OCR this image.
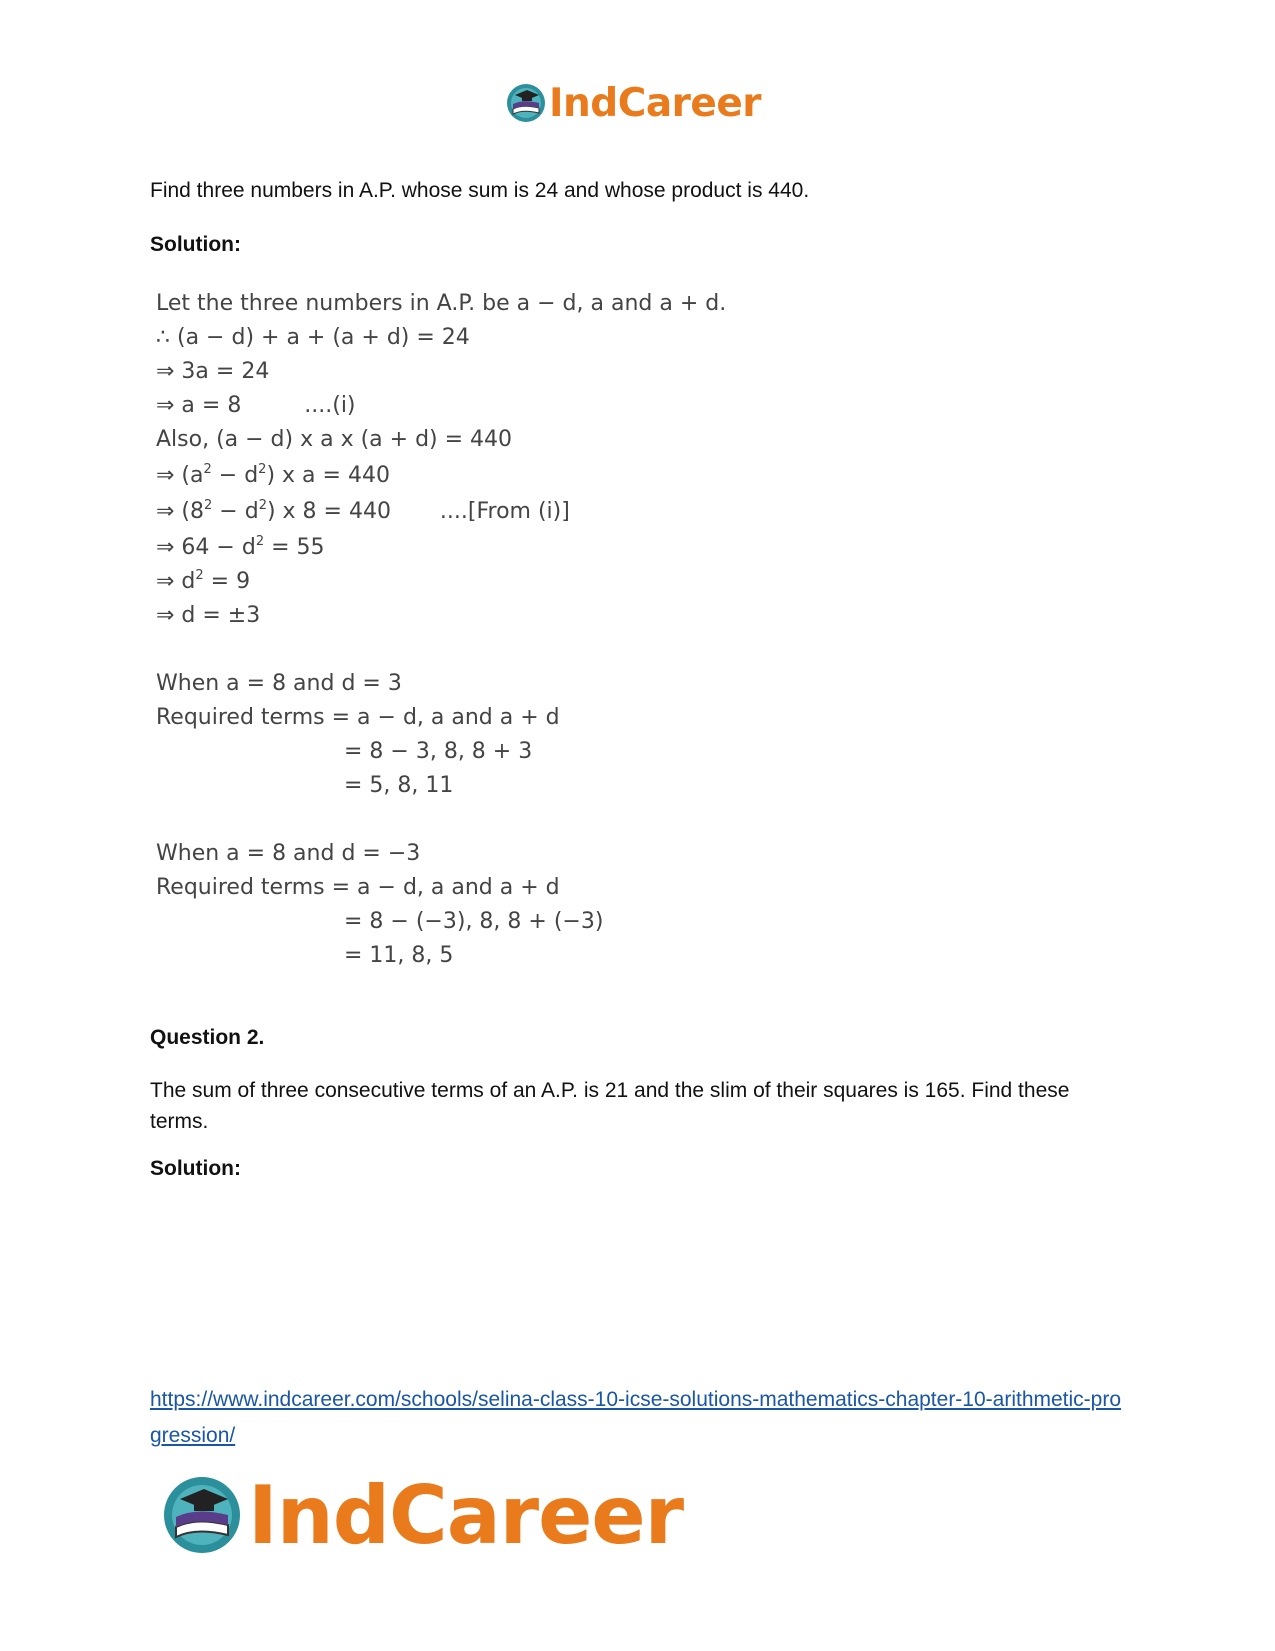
IndCareer

Find three numbers in A.P. whose sum is 24 and whose product is 440.

Solution:

Let the three numbers in A.P. be a − d, a and a + d.
∴ (a − d) + a + (a + d) = 24
⇒ 3a = 24
⇒ a = 8         ....(i)
Also, (a − d) x a x (a + d) = 440
⇒ $(a^2 - d^2)$ x a = 440
⇒ $(8^2 - d^2)$ x 8 = 440       ....[From (i)]
⇒ $64 - d^2 = 55$
⇒ $d^2 = 9$
⇒ d = ±3
When a = 8 and d = 3
Required terms = a − d, a and a + d
= 8 − 3, 8, 8 + 3
= 5, 8, 11
When a = 8 and d = −3
Required terms = a − d, a and a + d
= 8 − (−3), 8, 8 + (−3)
= 11, 8, 5

Question 2.

The sum of three consecutive terms of an A.P. is 21 and the slim of their squares is 165. Find these terms.

Solution:

https://www.indcareer.com/schools/selina-class-10-icse-solutions-mathematics-chapter-10-arithmetic-progression/
IndCareer
